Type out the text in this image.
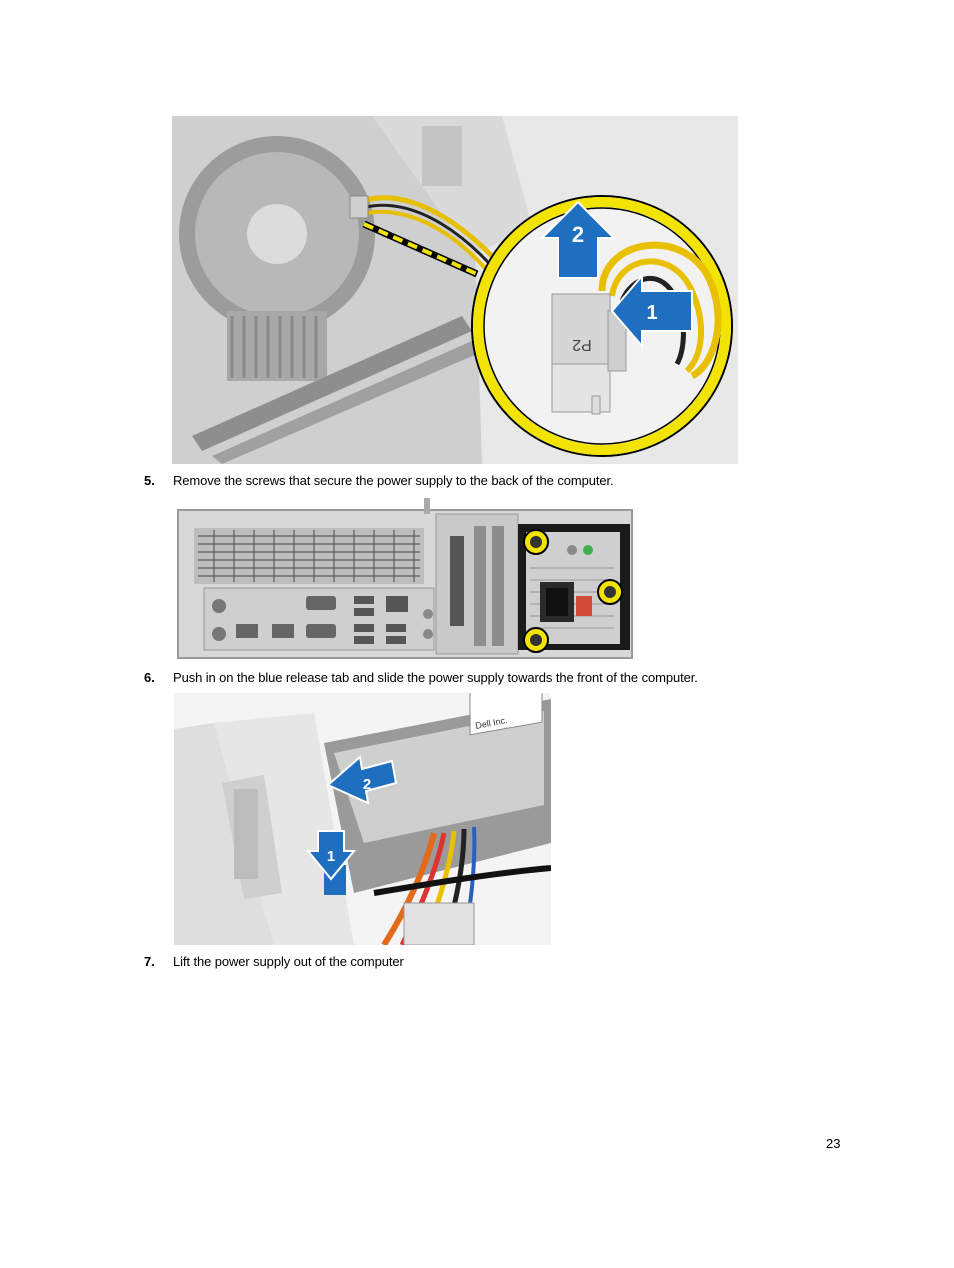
P2
2
1
5. Remove the screws that secure the power supply to the back of the computer.
6. Push in on the blue release tab and slide the power supply towards the front of the computer.
Dell Inc.
2
1
7. Lift the power supply out of the computer
23
